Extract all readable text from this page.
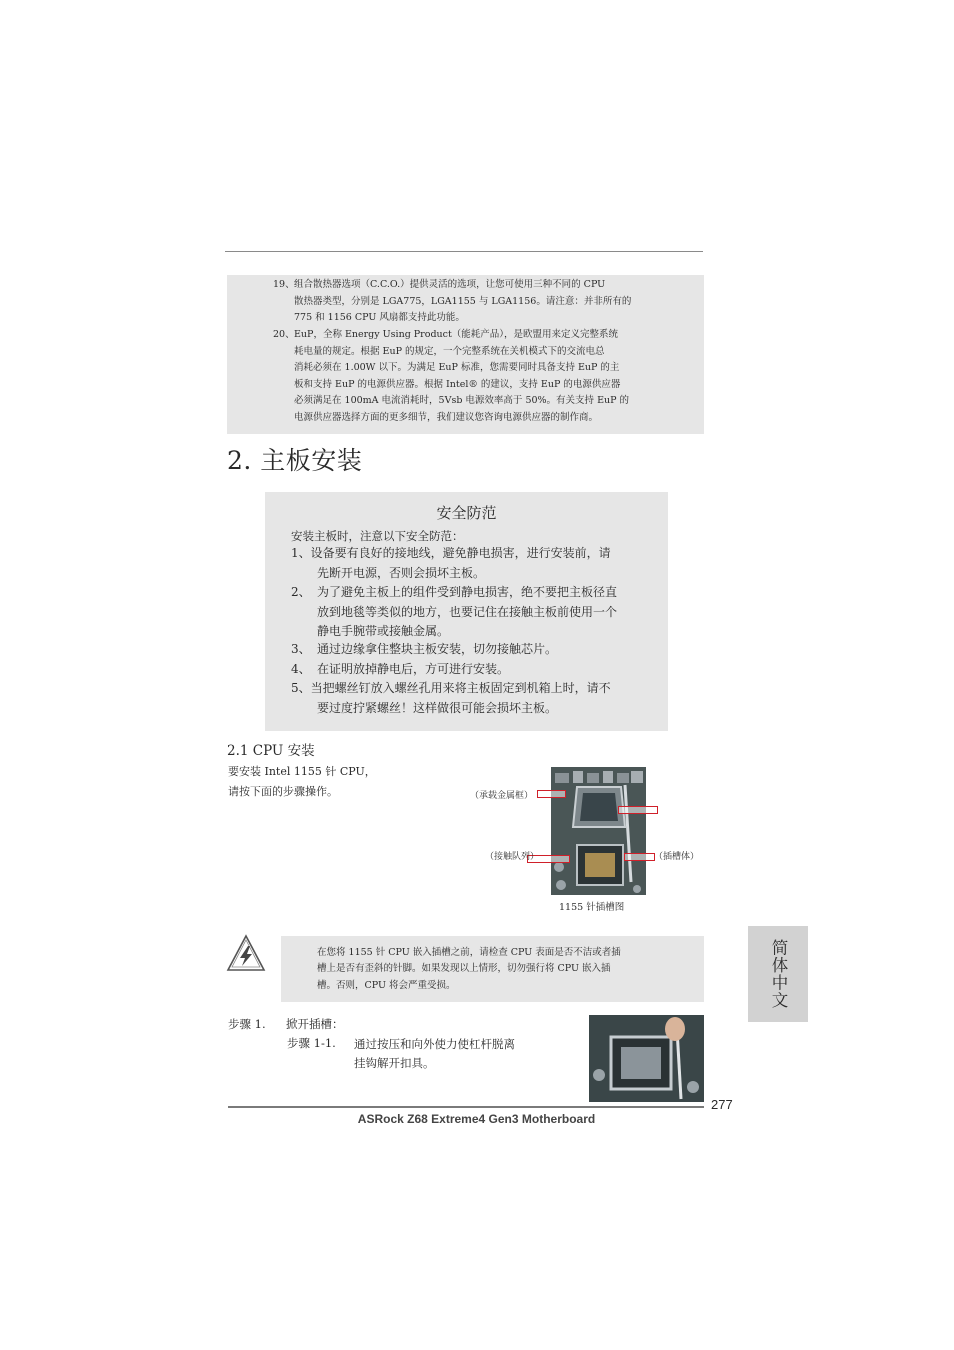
19、 组合散热器选项（C.C.O.）提供灵活的选项，让您可使用三种不同的 CPU
散热器类型，分别是 LGA775，LGA1155 与 LGA1156。请注意：并非所有的
775 和 1156 CPU 风扇都支持此功能。
20、 EuP，全称 Energy Using Product（能耗产品），是欧盟用来定义完整系统
耗电量的规定。根据 EuP 的规定，一个完整系统在关机模式下的交流电总
消耗必须在 1.00W 以下。为满足 EuP 标准，您需要同时具备支持 EuP 的主
板和支持 EuP 的电源供应器。根据 Intel® 的建议，支持 EuP 的电源供应器
必须满足在 100mA 电流消耗时，5Vsb 电源效率高于 50%。有关支持 EuP 的
电源供应器选择方面的更多细节，我们建议您咨询电源供应器的制作商。
2. 主板安装
安全防范
安装主板时，注意以下安全防范：
1、设备要有良好的接地线，避免静电损害，进行安装前，请
先断开电源，否则会损坏主板。
2、 为了避免主板上的组件受到静电损害，绝不要把主板径直
放到地毯等类似的地方，也要记住在接触主板前使用一个
静电手腕带或接触金属。
3、 通过边缘拿住整块主板安装，切勿接触芯片。
4、 在证明放掉静电后，方可进行安装。
5、当把螺丝钉放入螺丝孔用来将主板固定到机箱上时，请不
要过度拧紧螺丝！这样做很可能会损坏主板。
2.1 CPU 安装
要安装 Intel 1155 针 CPU，
请按下面的步骤操作。	（承载金属框）
（接触队列）	（插槽体）
1155 针插槽图
在您将 1155 针 CPU 嵌入插槽之前，请检查 CPU 表面是否不洁或者插
槽上是否有歪斜的针脚。如果发现以上情形，切勿强行将 CPU 嵌入插
槽。否则，CPU 将会严重受损。	简体中文
步骤 1. 掀开插槽：
步骤 1-1. 通过按压和向外使力使杠杆脱离
挂钩解开扣具。
277
ASRock Z68 Extreme4 Gen3 Motherboard
